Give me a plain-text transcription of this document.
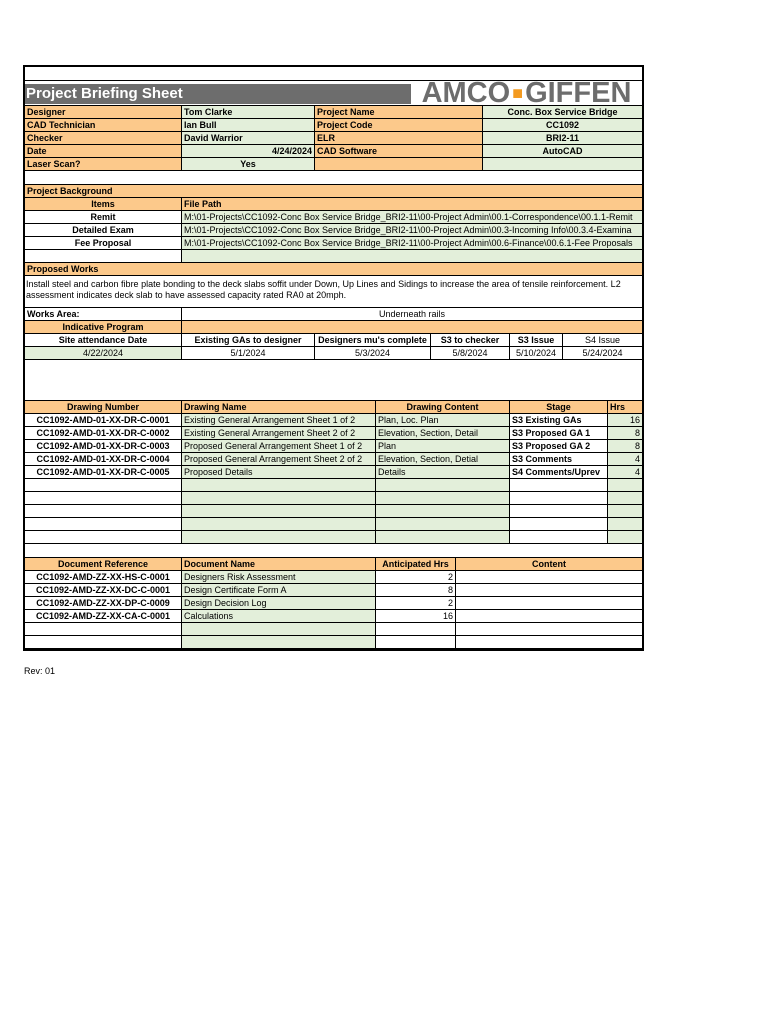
Project Briefing Sheet	AMCO ■ GIFFEN
Designer	Tom Clarke	Project Name	Conc. Box Service Bridge
CAD Technician	Ian Bull	Project Code	CC1092
Checker	David Warrior	ELR	BRI2-11
Date	4/24/2024 CAD Software	AutoCAD
Laser Scan?	Yes
Project Background
Items	File Path
Remit	M:\01-Projects\CC1092-Conc Box Service Bridge_BRI2-11\00-Project Admin\00.1-Correspondence\00.1.1-Remit
Detailed Exam	M:\01-Projects\CC1092-Conc Box Service Bridge_BRI2-11\00-Project Admin\00.3-Incoming Info\00.3.4-Examina
Fee Proposal	M:\01-Projects\CC1092-Conc Box Service Bridge_BRI2-11\00-Project Admin\00.6-Finance\00.6.1-Fee Proposals
Proposed Works
Install steel and carbon fibre plate bonding to the deck slabs soffit under Down, Up Lines and Sidings to increase the area of tensile reinforcement. L2 assessment indicates deck slab to have assessed capacity rated RA0 at 20mph.
Works Area:	Underneath rails
Indicative Program
Site attendance Date	Existing GAs to designer	Designers mu's complete	S3 to checker	S3 Issue	S4 Issue
4/22/2024	5/1/2024	5/3/2024	5/8/2024	5/10/2024	5/24/2024
Drawing Number	Drawing Name	Drawing Content	Stage	Hrs
CC1092-AMD-01-XX-DR-C-0001	Existing General Arrangement Sheet 1 of 2	Plan, Loc. Plan	S3 Existing GAs	16
CC1092-AMD-01-XX-DR-C-0002	Existing General Arrangement Sheet 2 of 2	Elevation, Section, Detail	S3 Proposed GA 1	8
CC1092-AMD-01-XX-DR-C-0003	Proposed General Arrangement Sheet 1 of 2	Plan	S3 Proposed GA 2	8
CC1092-AMD-01-XX-DR-C-0004	Proposed General Arrangement Sheet 2 of 2	Elevation, Section, Detial	S3 Comments	4
CC1092-AMD-01-XX-DR-C-0005	Proposed Details	Details	S4 Comments/Uprev	4
Document Reference	Document Name	Anticipated Hrs	Content
CC1092-AMD-ZZ-XX-HS-C-0001	Designers Risk Assessment	2
CC1092-AMD-ZZ-XX-DC-C-0001	Design Certificate Form A	8
CC1092-AMD-ZZ-XX-DP-C-0009	Design Decision Log	2
CC1092-AMD-ZZ-XX-CA-C-0001	Calculations	16
Rev: 01
